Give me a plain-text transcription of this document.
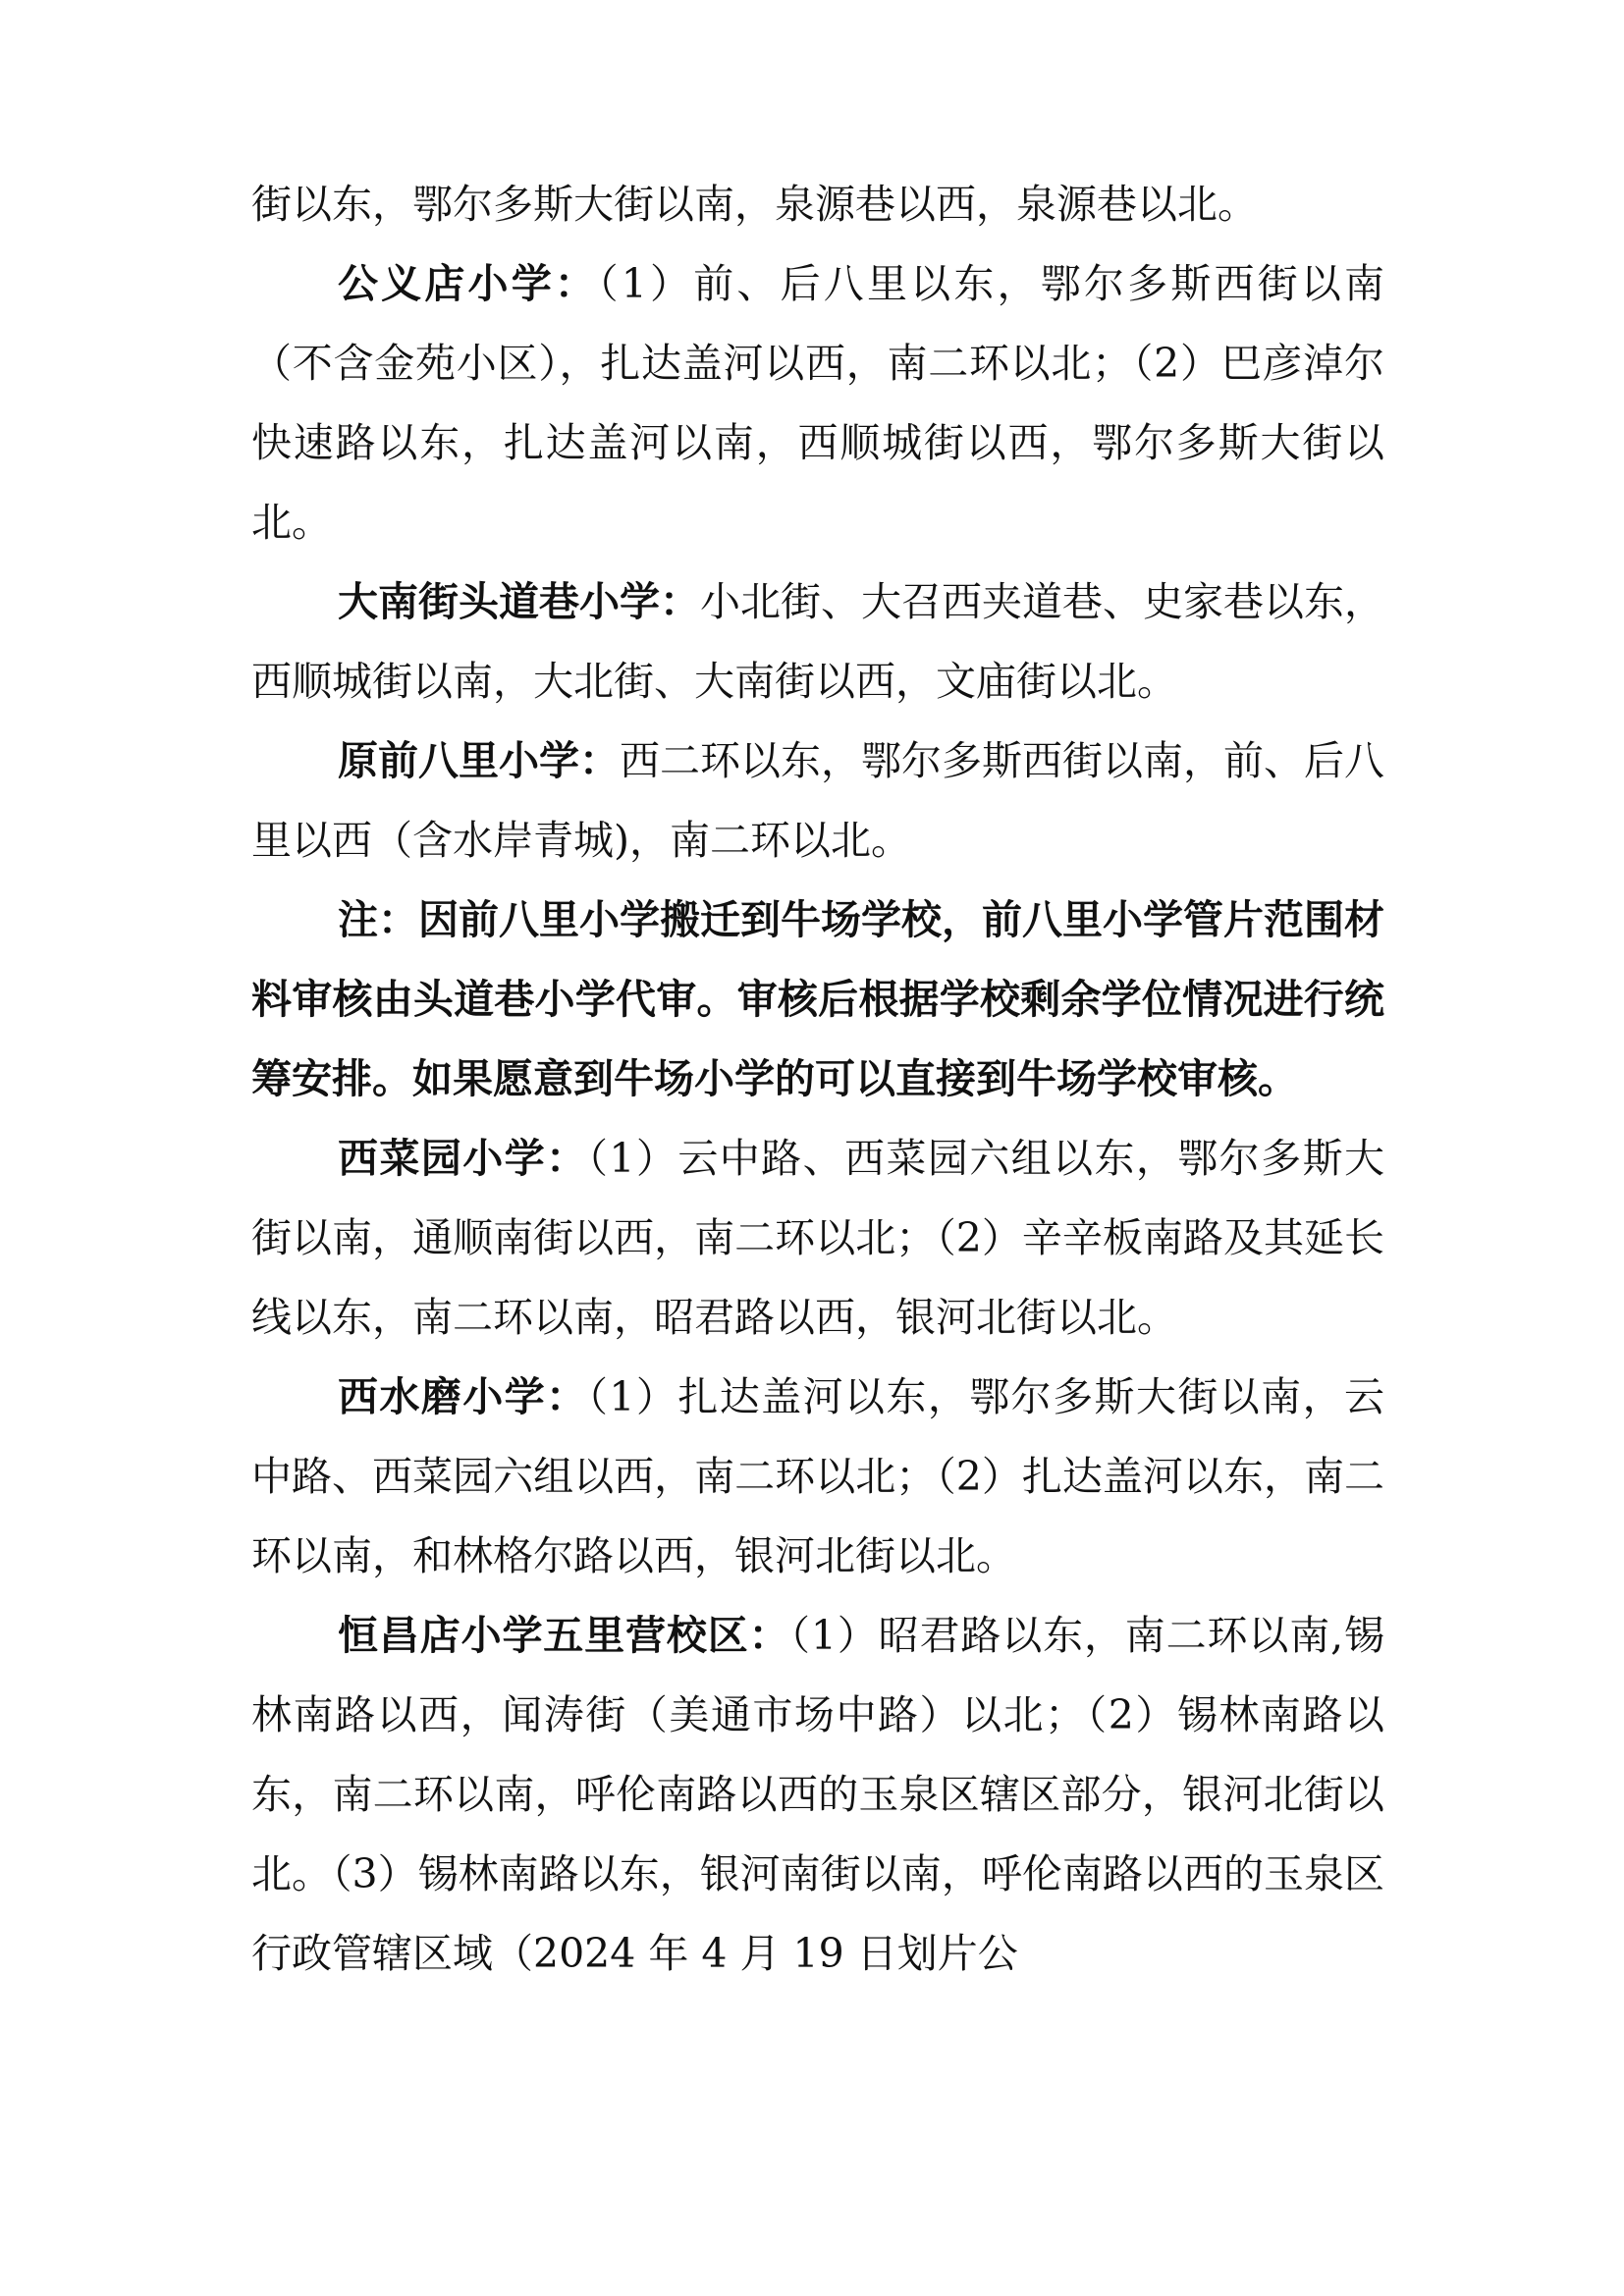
街以东，鄂尔多斯大街以南，泉源巷以西，泉源巷以北。

公义店小学：（1）前、后八里以东，鄂尔多斯西街以南（不含金苑小区），扎达盖河以西，南二环以北；（2）巴彦淖尔快速路以东，扎达盖河以南，西顺城街以西，鄂尔多斯大街以北。

大南街头道巷小学：小北街、大召西夹道巷、史家巷以东，西顺城街以南，大北街、大南街以西，文庙街以北。

原前八里小学：西二环以东，鄂尔多斯西街以南，前、后八里以西（含水岸青城)，南二环以北。

注：因前八里小学搬迁到牛场学校，前八里小学管片范围材料审核由头道巷小学代审。审核后根据学校剩余学位情况进行统筹安排。如果愿意到牛场小学的可以直接到牛场学校审核。

西菜园小学：（1）云中路、西菜园六组以东，鄂尔多斯大街以南，通顺南街以西，南二环以北；（2）辛辛板南路及其延长线以东，南二环以南，昭君路以西，银河北街以北。

西水磨小学：（1）扎达盖河以东，鄂尔多斯大街以南，云中路、西菜园六组以西，南二环以北；（2）扎达盖河以东，南二环以南，和林格尔路以西，银河北街以北。

恒昌店小学五里营校区：（1）昭君路以东，南二环以南,锡林南路以西，闻涛街（美通市场中路）以北；（2）锡林南路以东，南二环以南，呼伦南路以西的玉泉区辖区部分，银河北街以北。（3）锡林南路以东，银河南街以南，呼伦南路以西的玉泉区行政管辖区域（2024 年 4 月 19 日划片公
